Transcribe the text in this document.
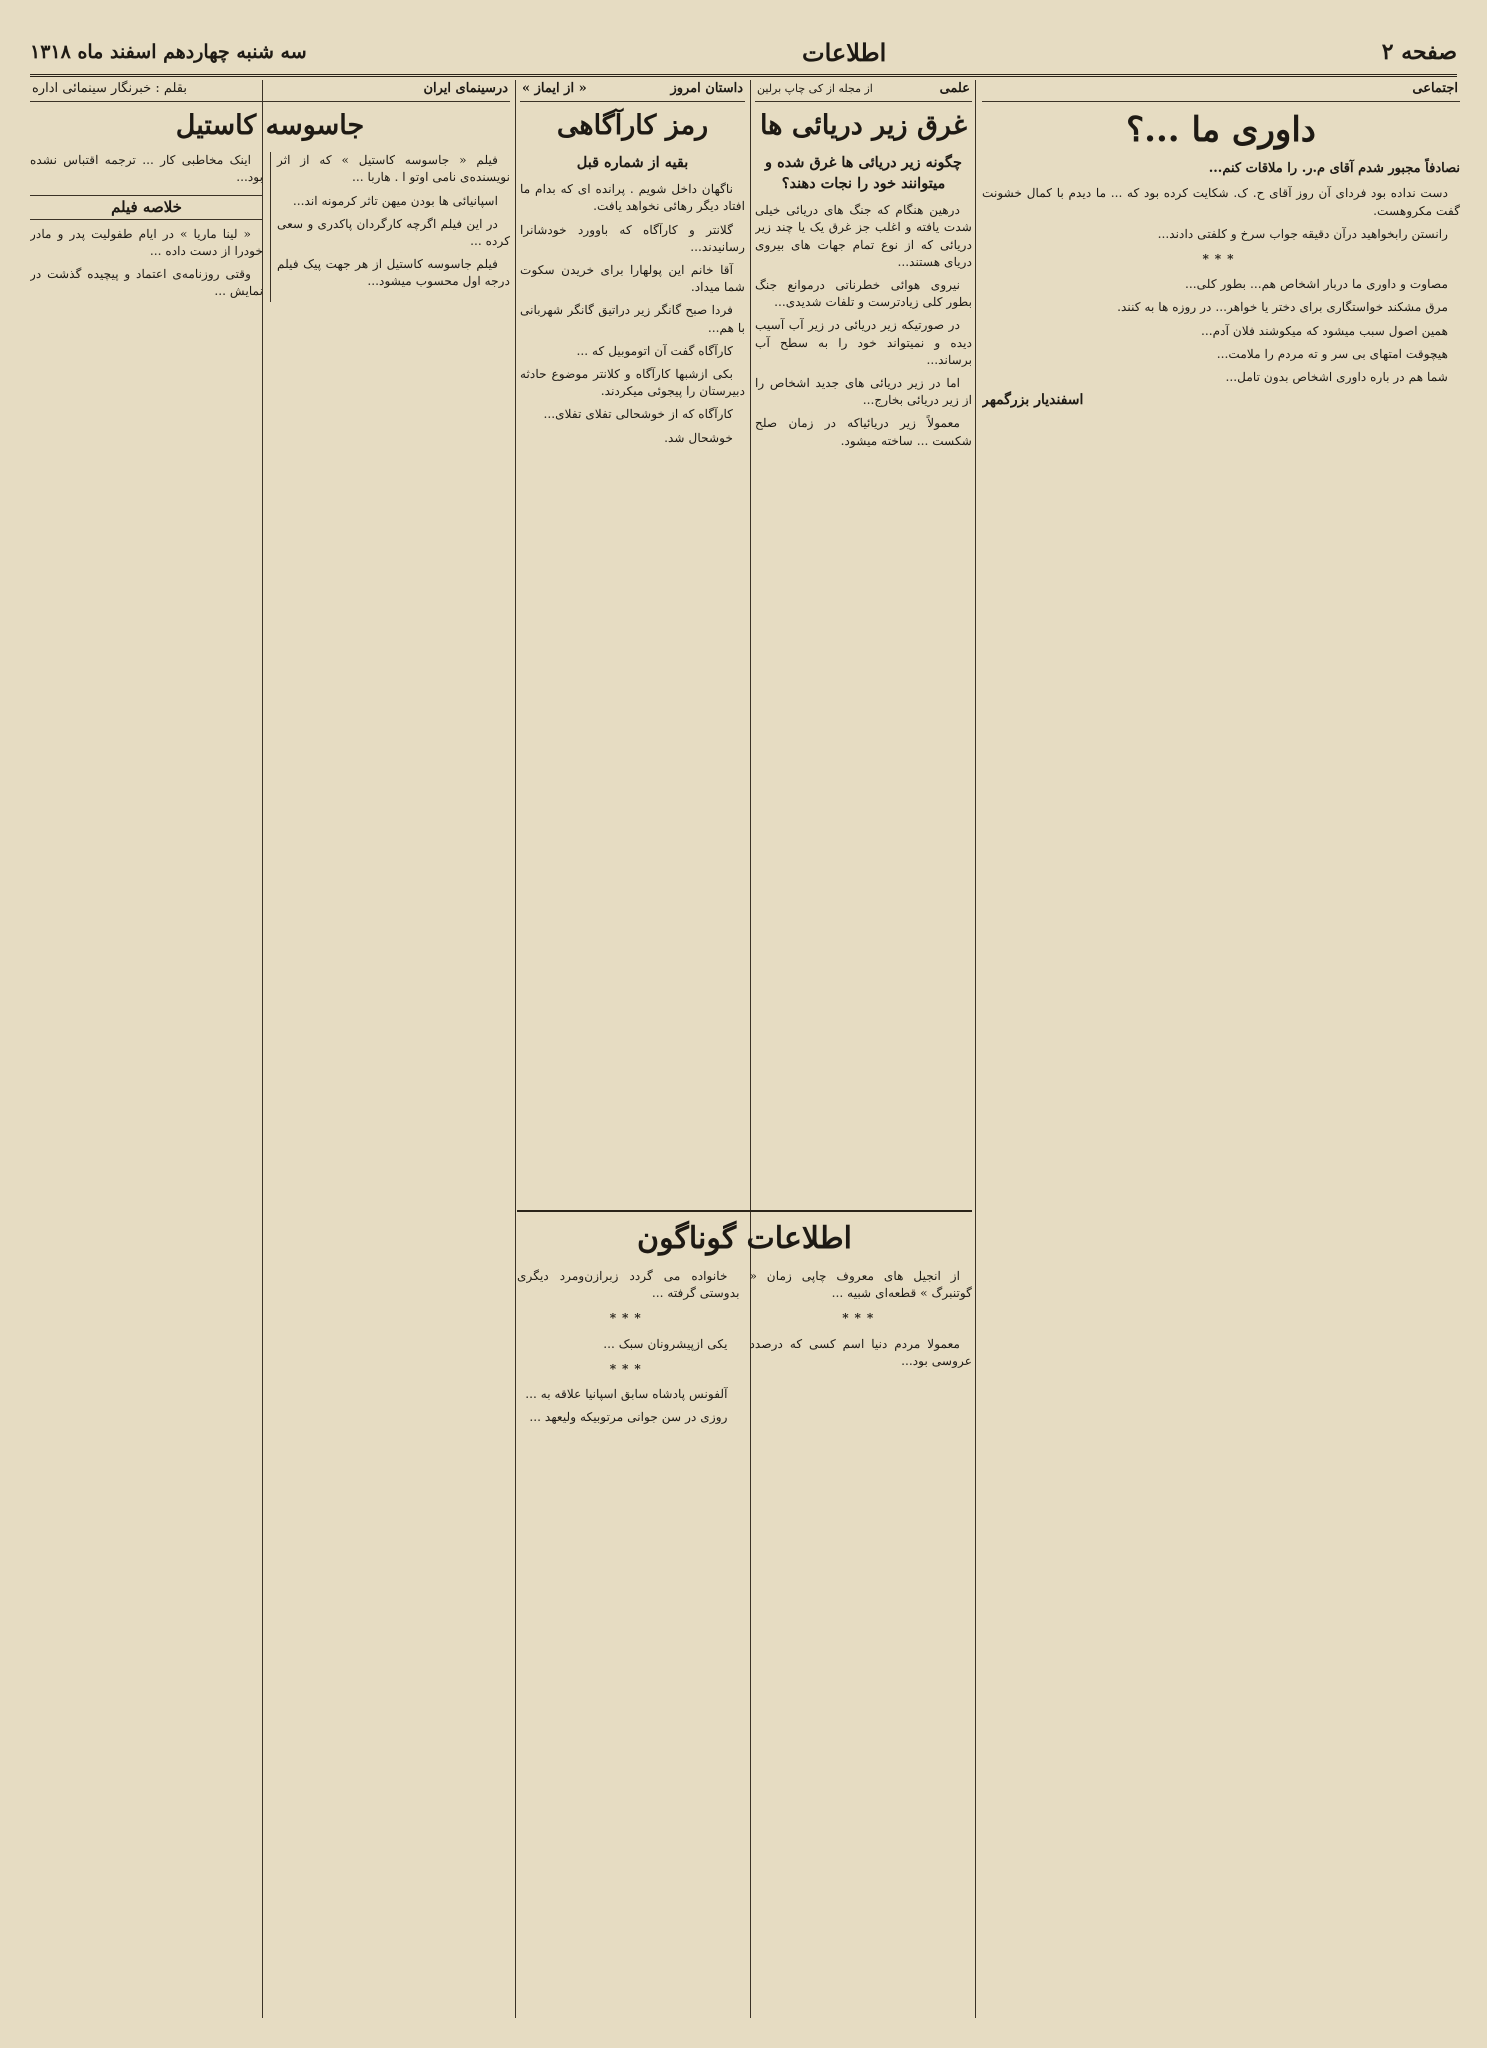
سه شنبه چهاردهم اسفند ماه ۱۳۱۸	اطلاعات	صفحه ۲
اجتماعی
داوری ما ...؟
نصادفاً مجبور شدم آقای م.ر. را ملاقات کنم...

دست نداده بود فردای آن روز آقای ح. ک. شکایت کرده بود که ... ما دیدم با کمال خشونت گفت مکروهست.

رانستن رابخواهید درآن دقیقه جواب سرخ و کلفتی دادند...

***

مصاوت و داوری ما دربار اشخاص هم... بطور کلی...

مرق مشکند خواستگاری برای دختر یا خواهر... در روزه ها به کنند.

همین اصول سبب میشود که میکوشند فلان آدم...

هیچوقت امتهای بی سر و ته مردم را ملامت...

شما هم در باره داوری اشخاص بدون تامل...

اسفندیار بزرگمهر
علمی
از مجله از کی چاپ برلین
غرق زیر دریائی ها
چگونه زیر دریائی ها غرق شده و میتوانند خود را نجات دهند؟

درهین هنگام که جنگ های دریائی خیلی شدت یافته و اغلب جز غرق یک یا چند زیر دریائی که از نوع تمام جهات های بیروی دریای هستند...

نیروی هوائی خطرناتی درموانع جنگ بطور کلی زیادترست و تلفات شدیدی...

در صورتیکه زیر دریائی در زیر آب آسیب دیده و نمیتواند خود را به سطح آب برساند...

اما در زیر دریائی های جدید اشخاص را از زیر دریائی بخارج...

معمولاً زیر دریائیاکه در زمان صلح شکست ... ساخته میشود.

داستان امروز
« از ایماز »
رمز کارآگاهی
بقیه از شماره قبل

ناگهان داخل شویم . پرانده ای که بدام ما افتاد دیگر رهائی نخواهد یافت.

گلانتر و کارآگاه که باوورد خودشانرا رسانیدند...

آقا خانم این پولهارا برای خریدن سکوت شما میداد.

فردا صبح گانگر زیر دراتیق گانگر شهربانی با هم...

کارآگاه گفت آن اتوموبیل که ...

بکی ازشبها کارآگاه و کلانتر موضوع حادثه دبیرستان را پیجوئی میکردند.

کارآگاه که از خوشحالی تفلای تفلای...

خوشحال شد.

درسینمای ایران
بقلم : خبرنگار سینمائی اداره
جاسوسه کاستیل

فیلم « جاسوسه کاستیل » که از اثر نویسنده‌ی نامی اوتو ا . هاربا ...

اسپانیائی ها بودن میهن تاثر کرمونه اند...

در این فیلم اگرچه کارگردان پاکدری و سعی کرده ...

فیلم جاسوسه کاستیل از هر جهت پیک فیلم درجه اول محسوب میشود...

اینک مخاطبی کار ... ترجمه اقتباس نشده بود...

خلاصه فیلم

« لینا ماریا » در ایام طفولیت پدر و مادر خودرا از دست داده ...

وقتی روزنامه‌ی اعتماد و پیچیده گذشت در نمایش ...

اطلاعات گوناگون

از انجیل های معروف چاپی زمان « گوتنبرگ » قطعه‌ای شبیه ...

***

معمولا مردم دنیا اسم کسی که درصدد عروسی بود...

خانواده می گردد زبرازن‌ومرد دیگری بدوستی گرفته ...

***

یکی ازپیشرونان سبک ...

***

آلفونس پادشاه سابق اسپانیا علاقه به ...

روزی در سن جوانی مرتوبیکه ولیعهد ...
